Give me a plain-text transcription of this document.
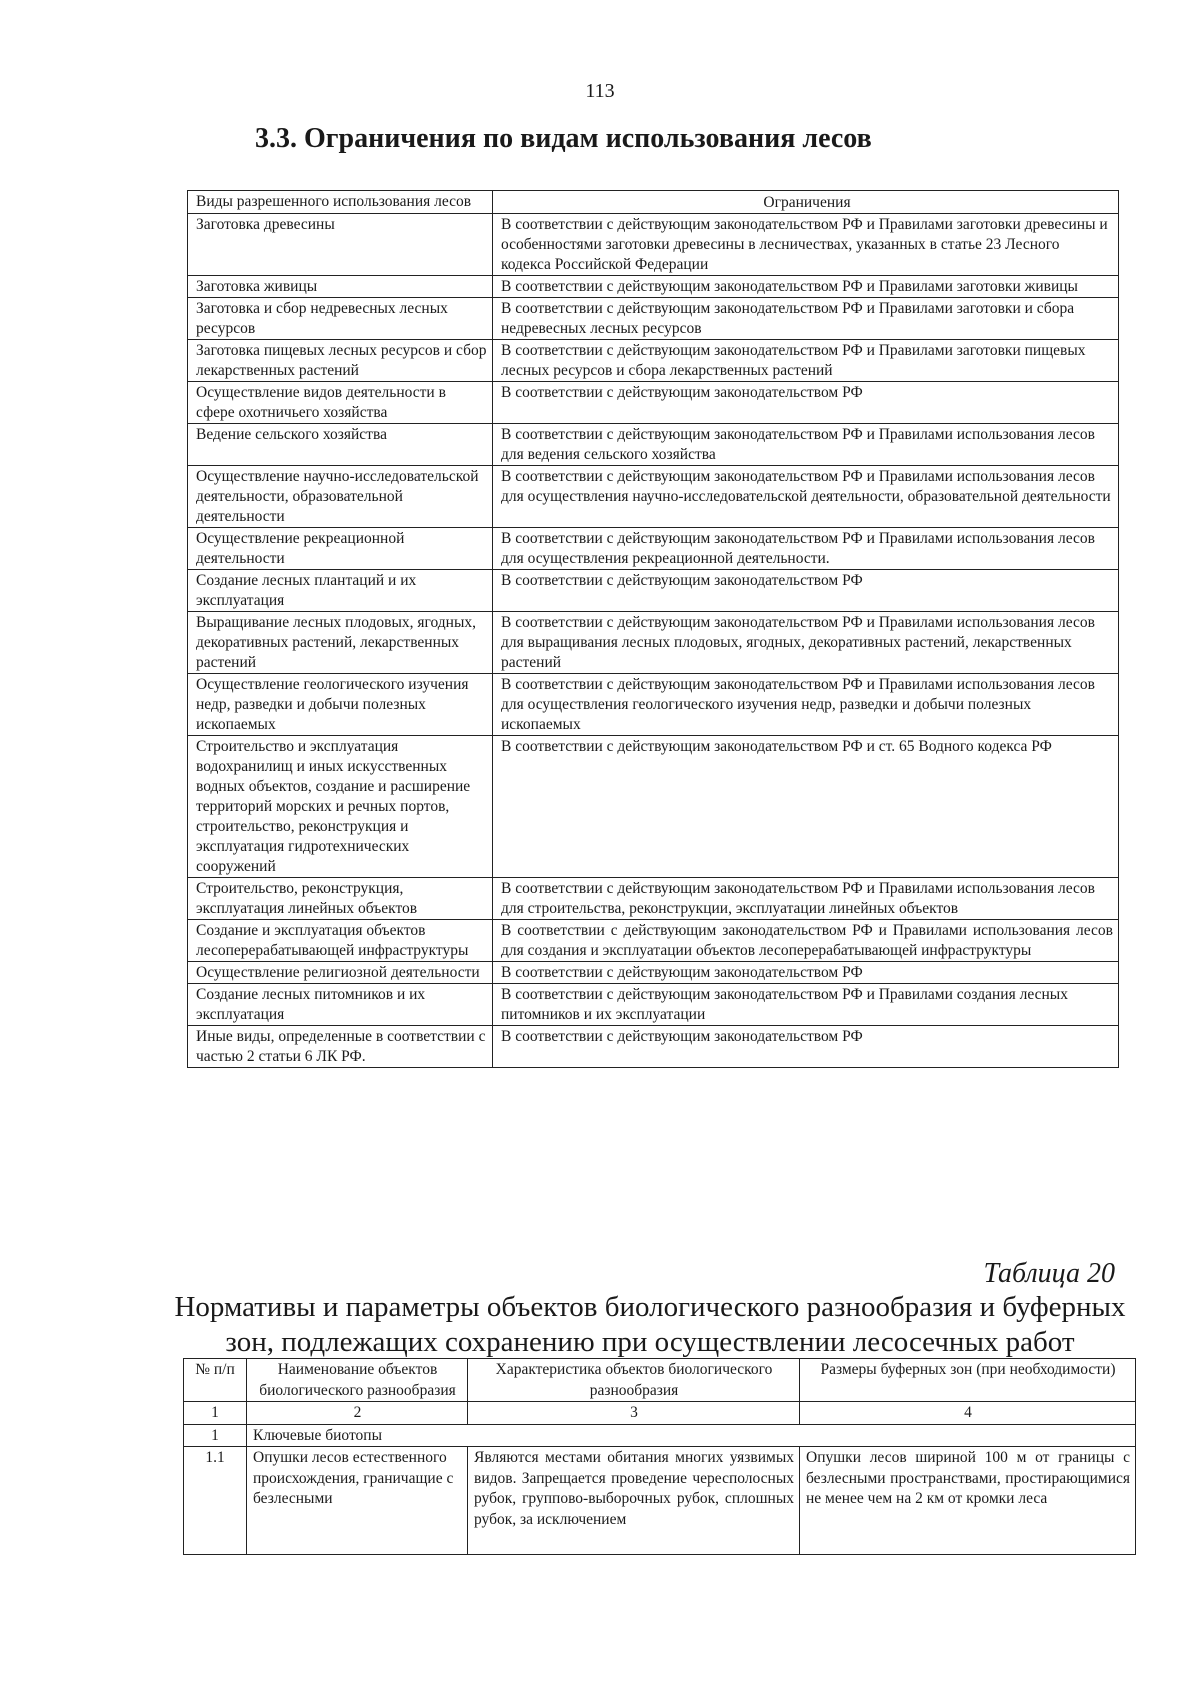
113
3.3. Ограничения по видам использования лесов
Виды разрешенного использования лесов	Ограничения
Заготовка древесины	В соответствии с действующим законодательством РФ и Правилами заготовки древесины и особенностями заготовки древесины в лесничествах, указанных в статье 23 Лесного кодекса Российской Федерации
Заготовка живицы	В соответствии с действующим законодательством РФ и Правилами заготовки живицы
Заготовка и сбор недревесных лесных ресурсов	В соответствии с действующим законодательством РФ и Правилами заготовки и сбора недревесных лесных ресурсов
Заготовка пищевых лесных ресурсов и сбор лекарственных растений	В соответствии с действующим законодательством РФ и Правилами заготовки пищевых лесных ресурсов и сбора лекарственных растений
Осуществление видов деятельности в сфере охотничьего хозяйства	В соответствии с действующим законодательством РФ
Ведение сельского хозяйства	В соответствии с действующим законодательством РФ и Правилами использования лесов для ведения сельского хозяйства
Осуществление научно-исследовательской деятельности, образовательной деятельности	В соответствии с действующим законодательством РФ и Правилами использования лесов для осуществления научно-исследовательской деятельности, образовательной деятельности
Осуществление рекреационной деятельности	В соответствии с действующим законодательством РФ и Правилами использования лесов для осуществления рекреационной деятельности.
Создание лесных плантаций и их эксплуатация	В соответствии с действующим законодательством РФ
Выращивание лесных плодовых, ягодных, декоративных растений, лекарственных растений	В соответствии с действующим законодательством РФ и Правилами использования лесов для выращивания лесных плодовых, ягодных, декоративных растений, лекарственных растений
Осуществление геологического изучения недр, разведки и добычи полезных ископаемых	В соответствии с действующим законодательством РФ и Правилами использования лесов для осуществления геологического изучения недр, разведки и добычи полезных ископаемых
Строительство и эксплуатация водохранилищ и иных искусственных водных объектов, создание и расширение территорий морских и речных портов, строительство, реконструкция и эксплуатация гидротехнических сооружений	В соответствии с действующим законодательством РФ и ст. 65 Водного кодекса РФ
Строительство, реконструкция, эксплуатация линейных объектов	В соответствии с действующим законодательством РФ и Правилами использования лесов для строительства, реконструкции, эксплуатации линейных объектов
Создание и эксплуатация объектов лесоперерабатывающей инфраструктуры	В соответствии с действующим законодательством РФ и Правилами использования лесов для создания и эксплуатации объектов лесоперерабатывающей инфраструктуры
Осуществление религиозной деятельности	В соответствии с действующим законодательством РФ
Создание лесных питомников и их эксплуатация	В соответствии с действующим законодательством РФ и Правилами создания лесных питомников и их эксплуатации
Иные виды, определенные в соответствии с частью 2 статьи 6 ЛК РФ.	В соответствии с действующим законодательством РФ
Таблица 20
Нормативы и параметры объектов биологического разнообразия и буферных зон, подлежащих сохранению при осуществлении лесосечных работ
№ п/п	Наименование объектов биологического разнообразия	Характеристика объектов биологического разнообразия	Размеры буферных зон (при необходимости)
1	2	3	4
1	Ключевые биотопы		

1.1	Опушки лесов естественного происхождения, граничащие с безлесными	Являются местами обитания многих уязвимых видов. Запрещается проведение чересполосных рубок, группово-выборочных рубок, сплошных рубок, за исключением	Опушки лесов шириной 100 м от границы с безлесными пространствами, простирающимися не менее чем на 2 км от кромки леса
